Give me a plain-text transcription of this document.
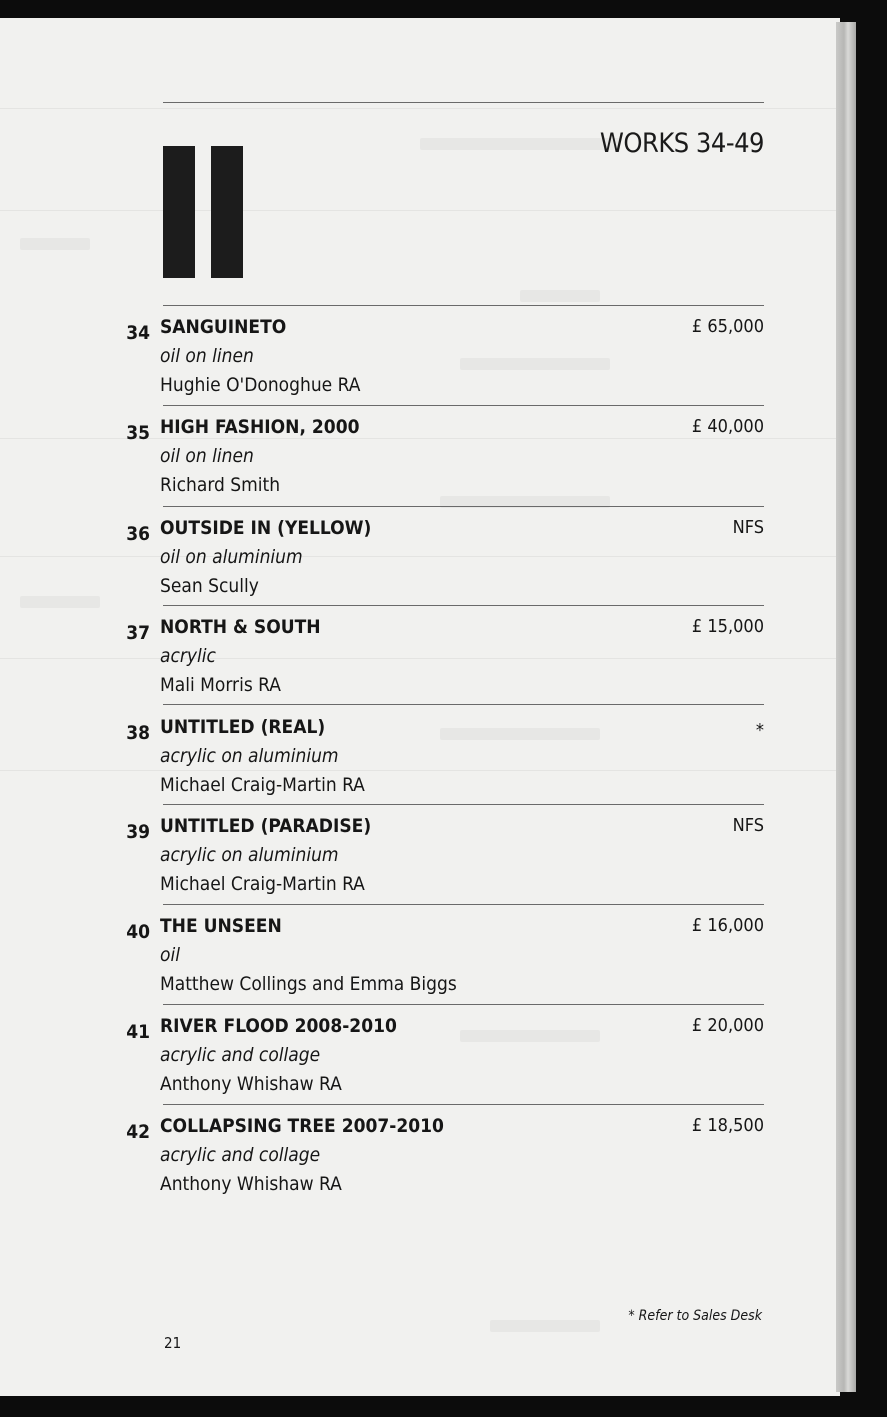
WORKS 34-49
34 SANGUINETO
oil on linen
Hughie O'Donoghue RA
£ 65,000
35 HIGH FASHION, 2000
oil on linen
Richard Smith
£ 40,000
36 OUTSIDE IN (YELLOW)
oil on aluminium
Sean Scully
NFS
37 NORTH & SOUTH
acrylic
Mali Morris RA
£ 15,000
38 UNTITLED (REAL)
acrylic on aluminium
Michael Craig-Martin RA
*
39 UNTITLED (PARADISE)
acrylic on aluminium
Michael Craig-Martin RA
NFS
40 THE UNSEEN
oil
Matthew Collings and Emma Biggs
£ 16,000
41 RIVER FLOOD 2008-2010
acrylic and collage
Anthony Whishaw RA
£ 20,000
42 COLLAPSING TREE 2007-2010
acrylic and collage
Anthony Whishaw RA
£ 18,500
* Refer to Sales Desk
21
